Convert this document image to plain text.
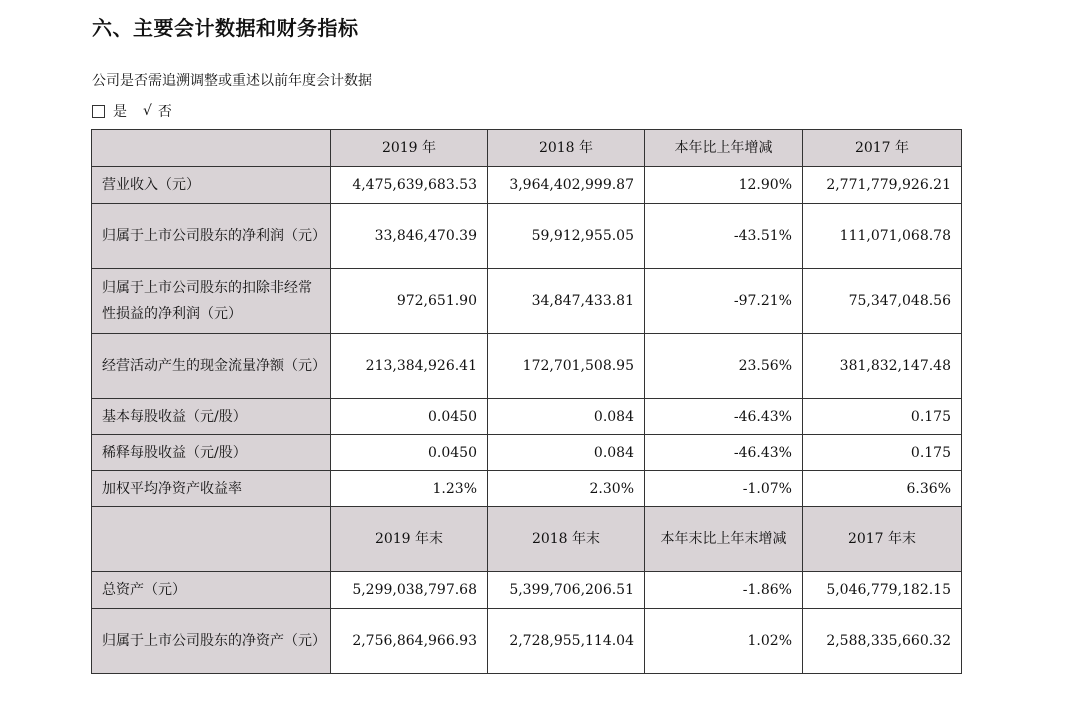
六、主要会计数据和财务指标
公司是否需追溯调整或重述以前年度会计数据
是 √ 否
	2019 年	2018 年	本年比上年增减	2017 年
营业收入（元）	4,475,639,683.53	3,964,402,999.87	12.90%	2,771,779,926.21
归属于上市公司股东的净利润（元）	33,846,470.39	59,912,955.05	-43.51%	111,071,068.78
归属于上市公司股东的扣除非经常性损益的净利润（元）	972,651.90	34,847,433.81	-97.21%	75,347,048.56
经营活动产生的现金流量净额（元）	213,384,926.41	172,701,508.95	23.56%	381,832,147.48
基本每股收益（元/股）	0.0450	0.084	-46.43%	0.175
稀释每股收益（元/股）	0.0450	0.084	-46.43%	0.175
加权平均净资产收益率	1.23%	2.30%	-1.07%	6.36%
	2019 年末	2018 年末	本年末比上年末增减	2017 年末
总资产（元）	5,299,038,797.68	5,399,706,206.51	-1.86%	5,046,779,182.15
归属于上市公司股东的净资产（元）	2,756,864,966.93	2,728,955,114.04	1.02%	2,588,335,660.32
